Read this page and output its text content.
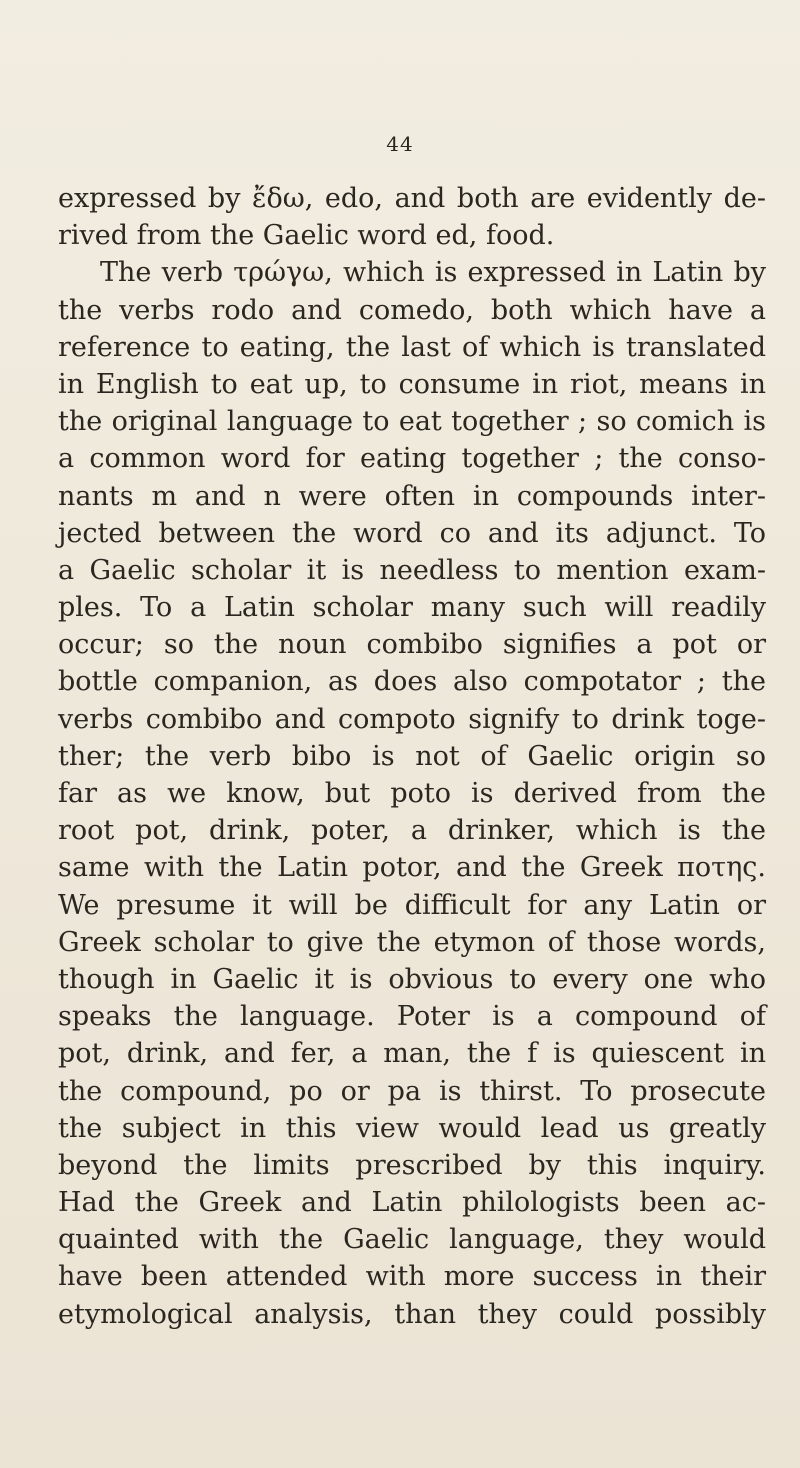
44
expressed by ἔδω, edo, and both are evidently de-
rived from the Gaelic word ed, food.
The verb τρώγω, which is expressed in Latin by
the verbs rodo and comedo, both which have a
reference to eating, the last of which is translated
in English to eat up, to consume in riot, means in
the original language to eat together ; so comich is
a common word for eating together ; the conso-
nants m and n were often in compounds inter-
jected between the word co and its adjunct. To
a Gaelic scholar it is needless to mention exam-
ples. To a Latin scholar many such will readily
occur; so the noun combibo signifies a pot or
bottle companion, as does also compotator ; the
verbs combibo and compoto signify to drink toge-
ther; the verb bibo is not of Gaelic origin so
far as we know, but poto is derived from the
root pot, drink, poter, a drinker, which is the
same with the Latin potor, and the Greek ποτης.
We presume it will be difficult for any Latin or
Greek scholar to give the etymon of those words,
though in Gaelic it is obvious to every one who
speaks the language. Poter is a compound of
pot, drink, and fer, a man, the f is quiescent in
the compound, po or pa is thirst. To prosecute
the subject in this view would lead us greatly
beyond the limits prescribed by this inquiry.
Had the Greek and Latin philologists been ac-
quainted with the Gaelic language, they would
have been attended with more success in their
etymological analysis, than they could possibly
